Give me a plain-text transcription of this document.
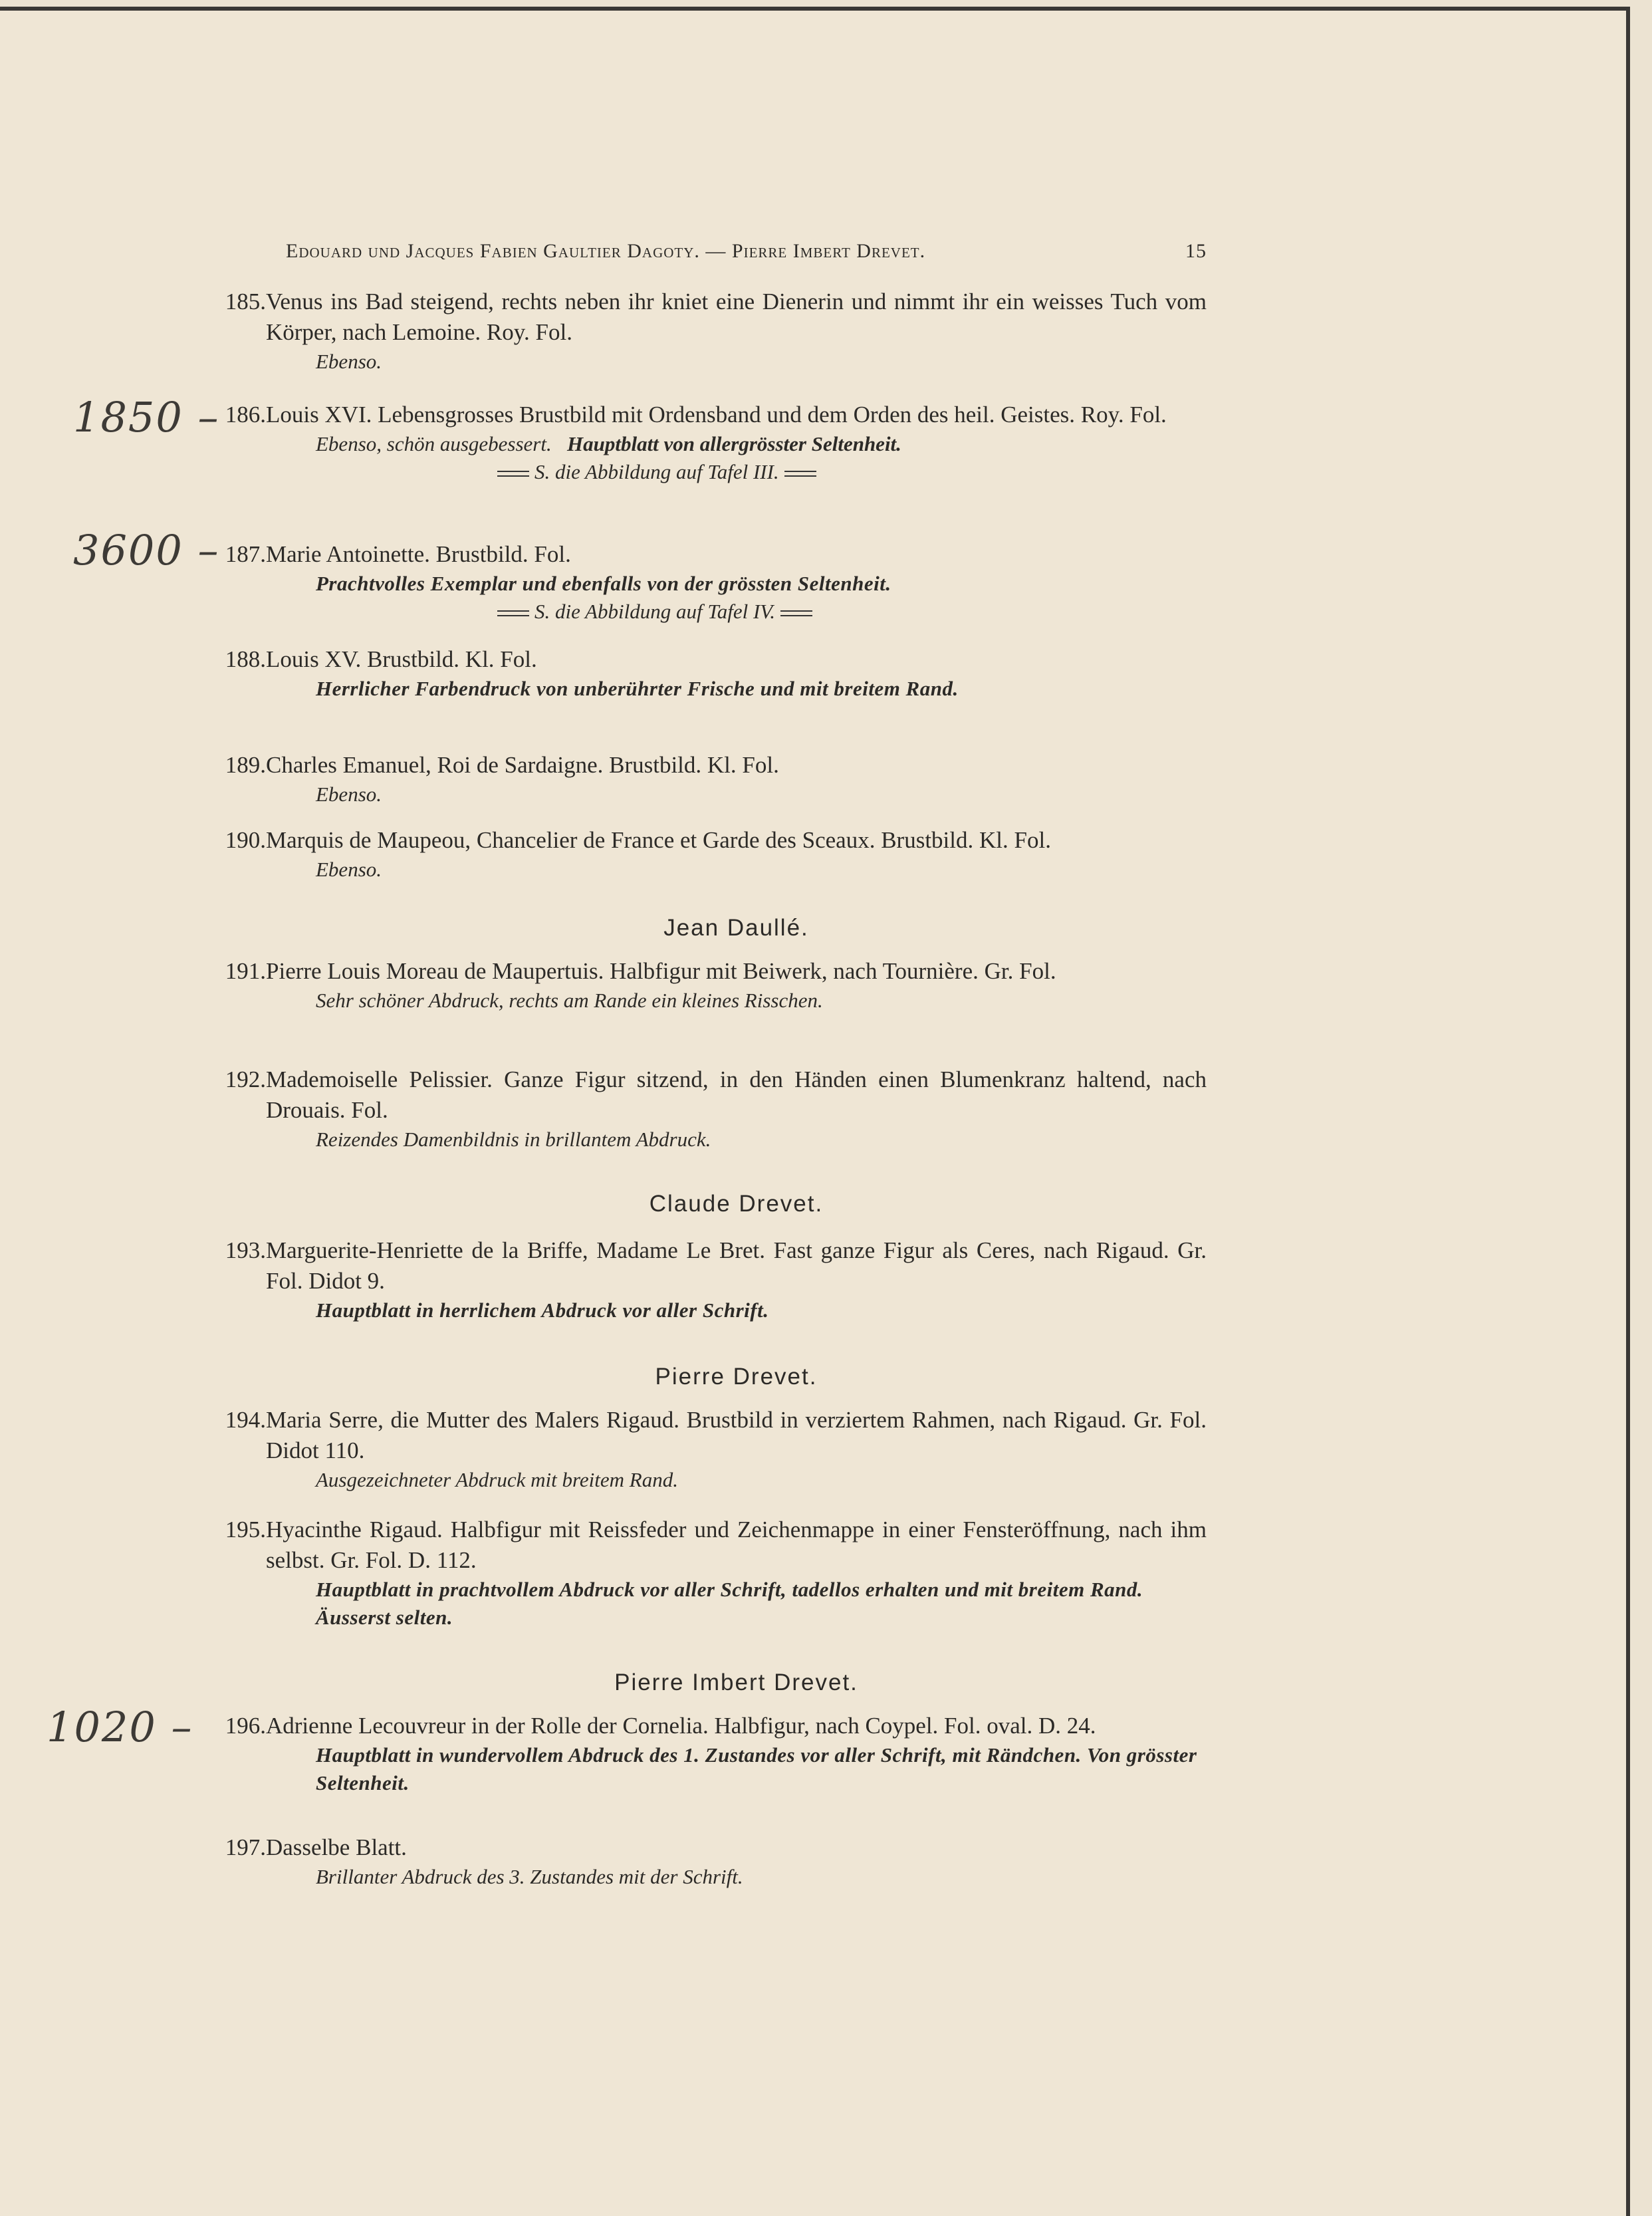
Edouard und Jacques Fabien Gaultier Dagoty. — Pierre Imbert Drevet.	15
185. Venus ins Bad steigend, rechts neben ihr kniet eine Dienerin und nimmt ihr ein weisses Tuch vom Körper, nach Lemoine. Roy. Fol.
Ebenso.
1850 – 186. Louis XVI. Lebensgrosses Brustbild mit Ordensband und dem Orden des heil. Geistes. Roy. Fol.
Ebenso, schön ausgebessert. Hauptblatt von allergrösster Seltenheit.
S. die Abbildung auf Tafel III.
3600 – 187. Marie Antoinette. Brustbild. Fol.
Prachtvolles Exemplar und ebenfalls von der grössten Seltenheit.
S. die Abbildung auf Tafel IV.
188. Louis XV. Brustbild. Kl. Fol.
Herrlicher Farbendruck von unberührter Frische und mit breitem Rand.
189. Charles Emanuel, Roi de Sardaigne. Brustbild. Kl. Fol.
Ebenso.
190. Marquis de Maupeou, Chancelier de France et Garde des Sceaux. Brustbild. Kl. Fol.
Ebenso.
Jean Daullé.
191. Pierre Louis Moreau de Maupertuis. Halbfigur mit Beiwerk, nach Tournière. Gr. Fol.
Sehr schöner Abdruck, rechts am Rande ein kleines Risschen.
192. Mademoiselle Pelissier. Ganze Figur sitzend, in den Händen einen Blumenkranz haltend, nach Drouais. Fol.
Reizendes Damenbildnis in brillantem Abdruck.
Claude Drevet.
193. Marguerite-Henriette de la Briffe, Madame Le Bret. Fast ganze Figur als Ceres, nach Rigaud. Gr. Fol. Didot 9.
Hauptblatt in herrlichem Abdruck vor aller Schrift.
Pierre Drevet.
194. Maria Serre, die Mutter des Malers Rigaud. Brustbild in verziertem Rahmen, nach Rigaud. Gr. Fol. Didot 110.
Ausgezeichneter Abdruck mit breitem Rand.
195. Hyacinthe Rigaud. Halbfigur mit Reissfeder und Zeichenmappe in einer Fensteröffnung, nach ihm selbst. Gr. Fol. D. 112.
Hauptblatt in prachtvollem Abdruck vor aller Schrift, tadellos erhalten und mit breitem Rand. Äusserst selten.
Pierre Imbert Drevet.
1020 –	196. Adrienne Lecouvreur in der Rolle der Cornelia. Halbfigur, nach Coypel. Fol. oval. D. 24.
Hauptblatt in wundervollem Abdruck des 1. Zustandes vor aller Schrift, mit Rändchen. Von grösster Seltenheit.
197. Dasselbe Blatt.
Brillanter Abdruck des 3. Zustandes mit der Schrift.
